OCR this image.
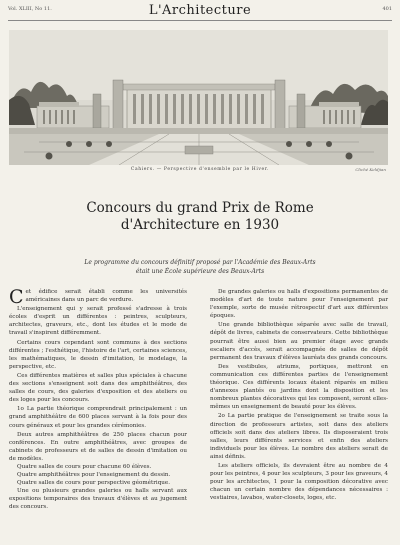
Vol. XLIII, No 11.	L'Architecture	401
Cahiers. — Perspective d'ensemble par le Hiver.	Cliché Keldjian
Concours du grand Prix de Rome
d'Architecture en 1930
Le programme du concours définitif proposé par l'Académie des Beaux-Arts
était une École supérieure des Beaux-Arts

Cet édifice serait établi comme les universités américaines dans un parc de verdure.

L'enseignement qui y serait professé s'adresse à trois écoles d'esprit un différentes : peintres, sculpteurs, architectes, graveurs, etc., dont les études et le mode de travail s'inspirent différemment.

Certains cours cependant sont communs à des sections différentes ; l'esthétique, l'histoire de l'art, certaines sciences, les mathématiques, le dessin d'imitation, le modelage, la perspective, etc.

Ces différentes matières et salles plus spéciales à chacune des sections s'enseignent soit dans des amphithéâtres, des salles de cours, des galeries d'exposition et des ateliers ou des loges pour les concours.

1o La partie théorique comprendrait principalement : un grand amphithéâtre de 600 places servant à la fois pour des cours généraux et pour les grandes cérémonies.

Deux autres amphithéâtres de 250 places chacun pour conférences. En outre amphithéâtres, avec groupes de cabinets de professeurs et de salles de dessin d'imitation ou de modèles.

Quatre salles de cours pour chacune 60 élèves.

Quatre amphithéâtres pour l'enseignement du dessin.

Quatre salles de cours pour perspective géométrique.

Une ou plusieurs grandes galeries ou halls servant aux expositions temporaires des travaux d'élèves et au jugement des concours.

De grandes galeries ou halls d'expositions permanentes de modèles d'art de toute nature pour l'enseignement par l'exemple, sorte de musée rétrospectif d'art aux différentes époques.

Une grande bibliothèque séparée avec salle de travail, dépôt de livres, cabinets de conservateurs. Cette bibliothèque pourrait être aussi bien au premier étage avec grands escaliers d'accès, serait accompagnée de salles de dépôt permanent des travaux d'élèves lauréats des grands concours.

Des vestibules, atriums, portiques, mettront en communication ces différentes parties de l'enseignement théorique. Ces différents locaux étaient réparés en milieu d'annexes plantés ou jardins dont la disposition et les nombreux plantes décoratives qui les composent, seront elles-mêmes un enseignement de beauté pour les élèves.

2o La partie pratique de l'enseignement se traite sous la direction de professeurs artistes, soit dans des ateliers officiels soit dans des ateliers libres. Ils disposeraient trois salles, leurs différents services et enfin des ateliers individuels pour les élèves. Le nombre des ateliers serait de ainsi définis.

Les ateliers officiels, ils devraient être au nombre de 4 pour les peintres, 4 pour les sculpteurs, 3 pour les graveurs, 4 pour les architectes, 1 pour la composition décorative avec chacun un certain nombre des dépendances nécessaires : vestiaires, lavabos, water-closets, loges, etc.
